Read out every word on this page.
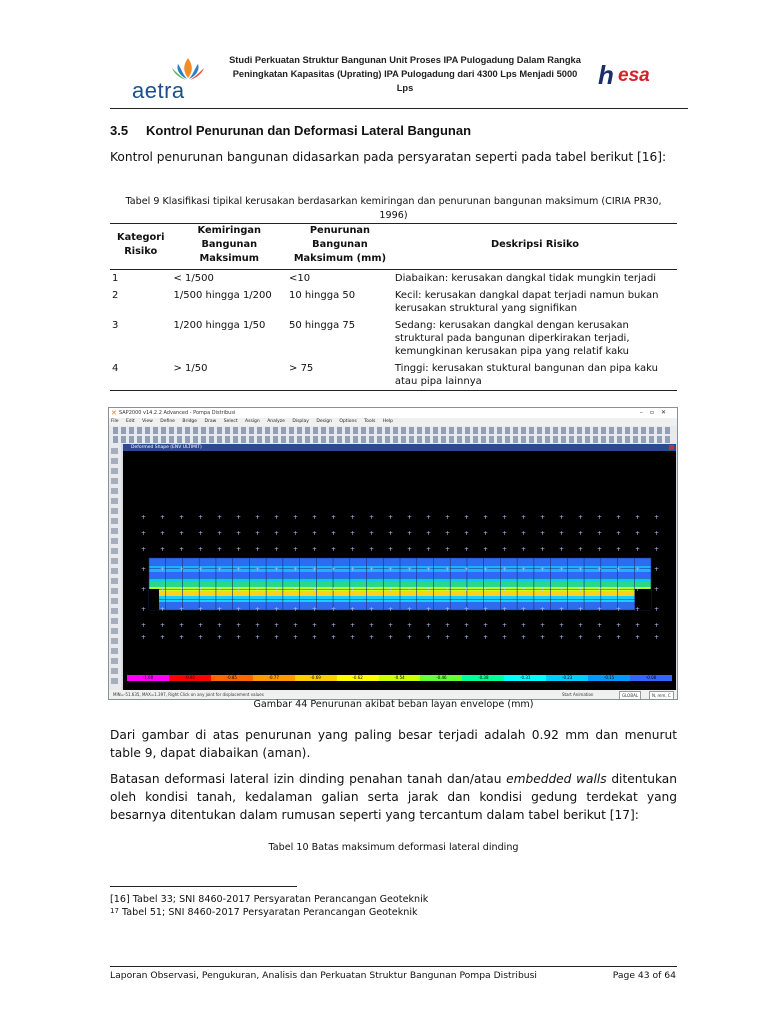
aetra
Studi Perkuatan Struktur Bangunan Unit Proses IPA Pulogadung Dalam Rangka
Peningkatan Kapasitas (Uprating) IPA Pulogadung dari 4300 Lps Menjadi 5000 Lps	h esa
3.5 Kontrol Penurunan dan Deformasi Lateral Bangunan
Kontrol penurunan bangunan didasarkan pada persyaratan seperti pada tabel berikut [16]:
Tabel 9 Klasifikasi tipikal kerusakan berdasarkan kemiringan dan penurunan bangunan maksimum (CIRIA PR30, 1996)
Kategori Risiko	Kemiringan Bangunan Maksimum	Penurunan Bangunan Maksimum (mm)	Deskripsi Risiko
1	< 1/500	<10	Diabaikan: kerusakan dangkal tidak mungkin terjadi
2	1/500 hingga 1/200	10 hingga 50	Kecil: kerusakan dangkal dapat terjadi namun bukan kerusakan struktural yang signifikan
3	1/200 hingga 1/50	50 hingga 75	Sedang: kerusakan dangkal dengan kerusakan struktural pada bangunan diperkirakan terjadi, kemungkinan kerusakan pipa yang relatif kaku
4	> 1/50	> 75	Tinggi: kerusakan stuktural bangunan dan pipa kaku atau pipa lainnya
✕ SAP2000 v14.2.2 Advanced - Pompa Distribusi	–▫✕
File Edit View Define Bridge Draw Select Assign Analyze Display Design Options Tools Help
Deformed Shape (ENV ULTIMIT)
+ + + + + + + + + + + + + + + + + + + + + + + + + + + +
+ + + + + + + + + + + + + + + + + + + + + + + + + + + +
+ + + + + + + + + + + + + + + + + + + + + + + + + + + +
+ + + + + + + + + + + + + + + + + + + + + + + + + + + +
+ + + + + + + + + + + + + + + + + + + + + + + + + + + +
+ + + + + + + + + + + + + + + + + + + + + + + + + + + +
+ + + + + + + + + + + + + + + + + + + + + + + + + + + +
+ + + + + + + + + + + + + + + + + + + + + + + + + + + +
-1.08	-0.92	-0.85	-0.77	-0.69	-0.62	-0.54	-0.46	-0.38	-0.31	-0.23	-0.15	-0.08
MIN=-51.635, MAX=1.397, Right Click on any joint for displacement values	Start Animation	GLOBAL	N, mm, C
Gambar 44 Penurunan akibat beban layan envelope (mm)
Dari gambar di atas penurunan yang paling besar terjadi adalah 0.92 mm dan menurut table 9, dapat diabaikan (aman).
Batasan deformasi lateral izin dinding penahan tanah dan/atau embedded walls ditentukan oleh kondisi tanah, kedalaman galian serta jarak dan kondisi gedung terdekat yang besarnya ditentukan dalam rumusan seperti yang tercantum dalam tabel berikut [17]:
Tabel 10 Batas maksimum deformasi lateral dinding
[16] Tabel 33; SNI 8460-2017 Persyaratan Perancangan Geoteknik
$^{17}$ Tabel 51; SNI 8460-2017 Persyaratan Perancangan Geoteknik
Laporan Observasi, Pengukuran, Analisis dan Perkuatan Struktur Bangunan Pompa Distribusi	Page 43 of 64
